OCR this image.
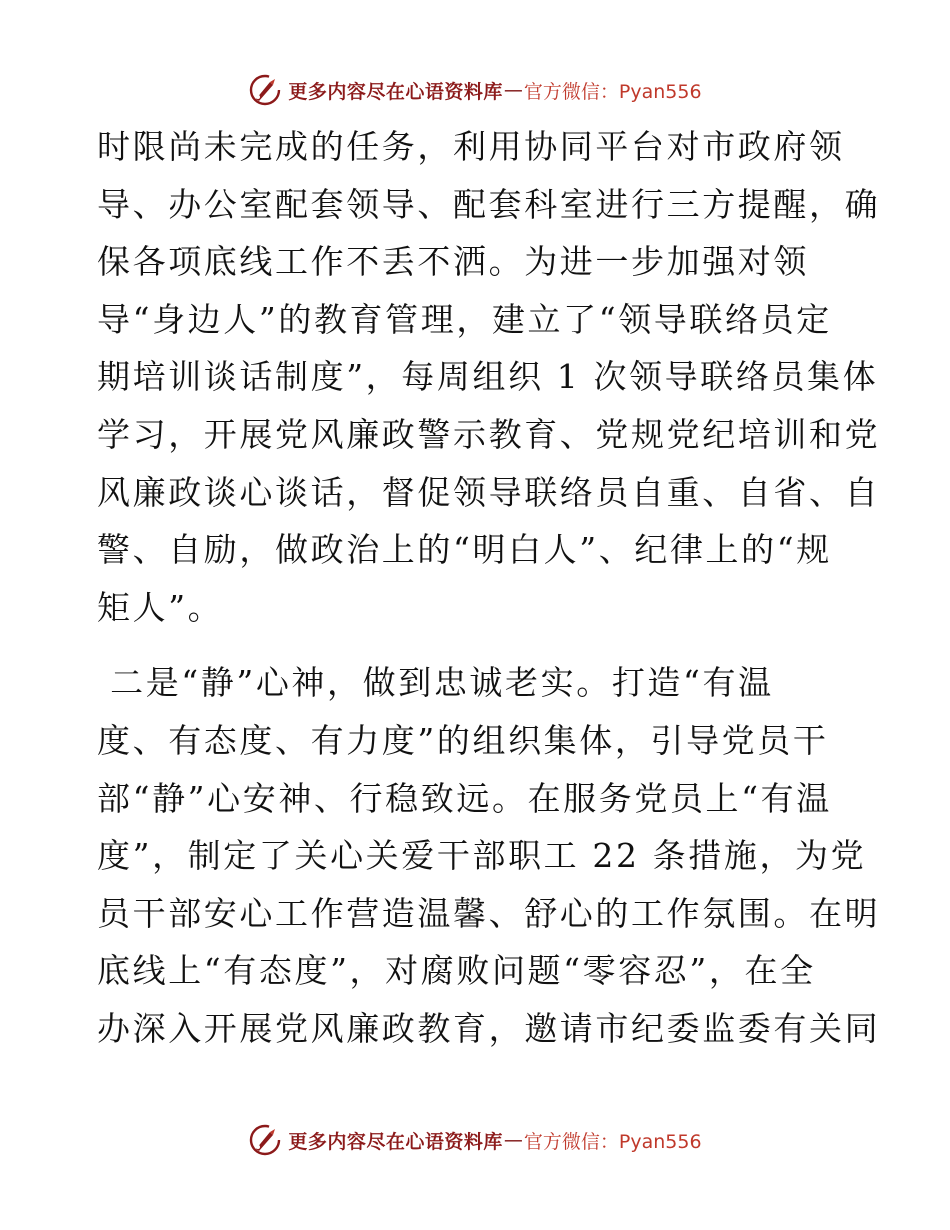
更多内容尽在心语资料库 — 官方微信：Pyan556
时限尚未完成的任务，利用协同平台对市政府领
导、办公室配套领导、配套科室进行三方提醒，确
保各项底线工作不丢不洒。为进一步加强对领
导“身边人”的教育管理，建立了“领导联络员定
期培训谈话制度”，每周组织 1 次领导联络员集体
学习，开展党风廉政警示教育、党规党纪培训和党
风廉政谈心谈话，督促领导联络员自重、自省、自
警、自励，做政治上的“明白人”、纪律上的“规
矩人”。
二是“静”心神，做到忠诚老实。打造“有温
度、有态度、有力度”的组织集体，引导党员干
部“静”心安神、行稳致远。在服务党员上“有温
度”，制定了关心关爱干部职工 22 条措施，为党
员干部安心工作营造温馨、舒心的工作氛围。在明
底线上“有态度”，对腐败问题“零容忍”，在全
办深入开展党风廉政教育，邀请市纪委监委有关同
更多内容尽在心语资料库 — 官方微信：Pyan556
